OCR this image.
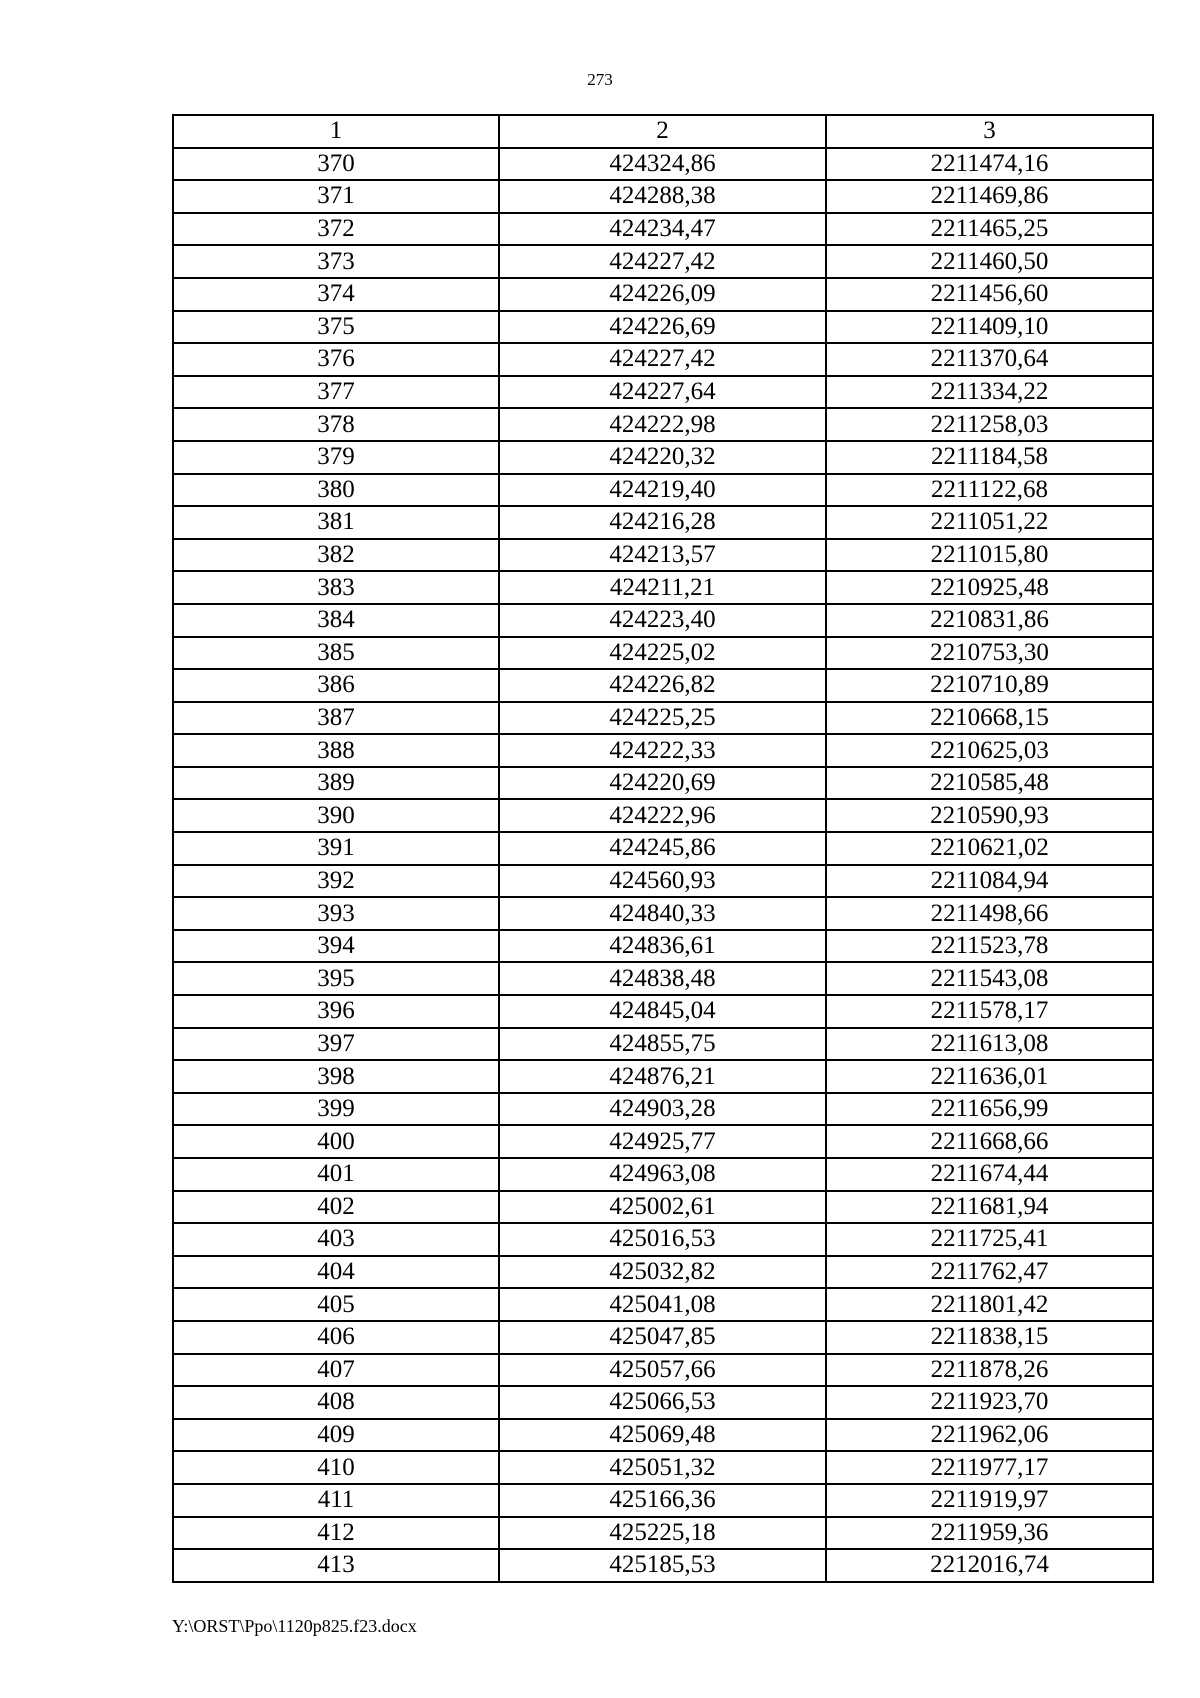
273
1	2	3
370	424324,86	2211474,16
371	424288,38	2211469,86
372	424234,47	2211465,25
373	424227,42	2211460,50
374	424226,09	2211456,60
375	424226,69	2211409,10
376	424227,42	2211370,64
377	424227,64	2211334,22
378	424222,98	2211258,03
379	424220,32	2211184,58
380	424219,40	2211122,68
381	424216,28	2211051,22
382	424213,57	2211015,80
383	424211,21	2210925,48
384	424223,40	2210831,86
385	424225,02	2210753,30
386	424226,82	2210710,89
387	424225,25	2210668,15
388	424222,33	2210625,03
389	424220,69	2210585,48
390	424222,96	2210590,93
391	424245,86	2210621,02
392	424560,93	2211084,94
393	424840,33	2211498,66
394	424836,61	2211523,78
395	424838,48	2211543,08
396	424845,04	2211578,17
397	424855,75	2211613,08
398	424876,21	2211636,01
399	424903,28	2211656,99
400	424925,77	2211668,66
401	424963,08	2211674,44
402	425002,61	2211681,94
403	425016,53	2211725,41
404	425032,82	2211762,47
405	425041,08	2211801,42
406	425047,85	2211838,15
407	425057,66	2211878,26
408	425066,53	2211923,70
409	425069,48	2211962,06
410	425051,32	2211977,17
411	425166,36	2211919,97
412	425225,18	2211959,36
413	425185,53	2212016,74
Y:\ORST\Ppo\1120p825.f23.docx
